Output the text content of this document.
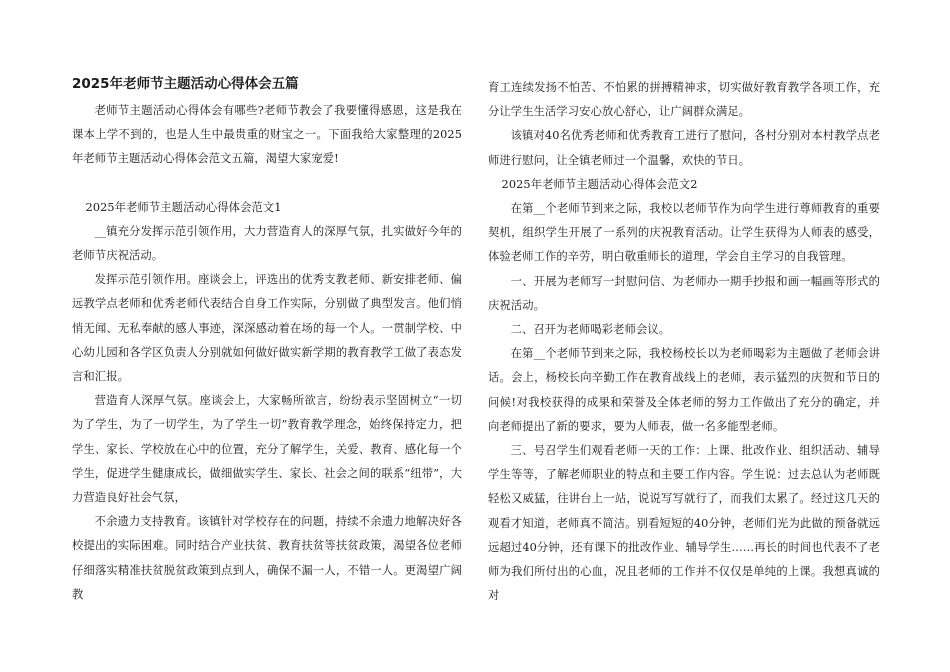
2025年老师节主题活动心得体会五篇

老师节主题活动心得体会有哪些?老师节教会了我要懂得感恩，这是我在课本上学不到的，也是人生中最贵重的财宝之一。下面我给大家整理的2025年老师节主题活动心得体会范文五篇，渴望大家宠爱!

2025年老师节主题活动心得体会范文1

__镇充分发挥示范引领作用，大力营造育人的深厚气氛，扎实做好今年的老师节庆祝活动。

发挥示范引领作用。座谈会上，评选出的优秀支教老师、新安排老师、偏远教学点老师和优秀老师代表结合自身工作实际，分别做了典型发言。他们悄悄无闻、无私奉献的感人事迹，深深感动着在场的每一个人。一贯制学校、中心幼儿园和各学区负责人分别就如何做好做实新学期的教育教学工做了表态发言和汇报。

营造育人深厚气氛。座谈会上，大家畅所欲言，纷纷表示坚固树立“一切为了学生，为了一切学生，为了学生一切”教育教学理念，始终保持定力，把学生、家长、学校放在心中的位置，充分了解学生，关爱、教育、感化每一个学生，促进学生健康成长，做细做实学生、家长、社会之间的联系“纽带”，大力营造良好社会气氛，

不余遗力支持教育。该镇针对学校存在的问题，持续不余遗力地解决好各校提出的实际困难。同时结合产业扶贫、教育扶贫等扶贫政策，渴望各位老师仔细落实精准扶贫脱贫政策到点到人，确保不漏一人，不错一人。更渴望广阔教

育工连续发扬不怕苦、不怕累的拼搏精神求，切实做好教育教学各项工作，充分让学生生活学习安心放心舒心，让广阔群众满足。

该镇对40名优秀老师和优秀教育工进行了慰问，各村分别对本村教学点老师进行慰问，让全镇老师过一个温馨，欢快的节日。

2025年老师节主题活动心得体会范文2

在第__个老师节到来之际，我校以老师节作为向学生进行尊师教育的重要契机，组织学生开展了一系列的庆祝教育活动。让学生获得为人师表的感受，体验老师工作的辛劳，明白敬重师长的道理，学会自主学习的自我管理。

一、开展为老师写一封慰问信、为老师办一期手抄报和画一幅画等形式的庆祝活动。

二、召开为老师喝彩老师会议。

在第__个老师节到来之际，我校杨校长以为老师喝彩为主题做了老师会讲话。会上，杨校长向辛勤工作在教育战线上的老师，表示猛烈的庆贺和节日的问候!对我校获得的成果和荣誉及全体老师的努力工作做出了充分的确定，并向老师提出了新的要求，要为人师表，做一名多能型老师。

三、号召学生们观看老师一天的工作：上课、批改作业、组织活动、辅导学生等等，了解老师职业的特点和主要工作内容。学生说：过去总认为老师既轻松又威猛，往讲台上一站，说说写写就行了，而我们太累了。经过这几天的观看才知道，老师真不简洁。别看短短的40分钟，老师们光为此做的预备就远远超过40分钟，还有课下的批改作业、辅导学生……再长的时间也代表不了老师为我们所付出的心血，况且老师的工作并不仅仅是单纯的上课。我想真诚的对
